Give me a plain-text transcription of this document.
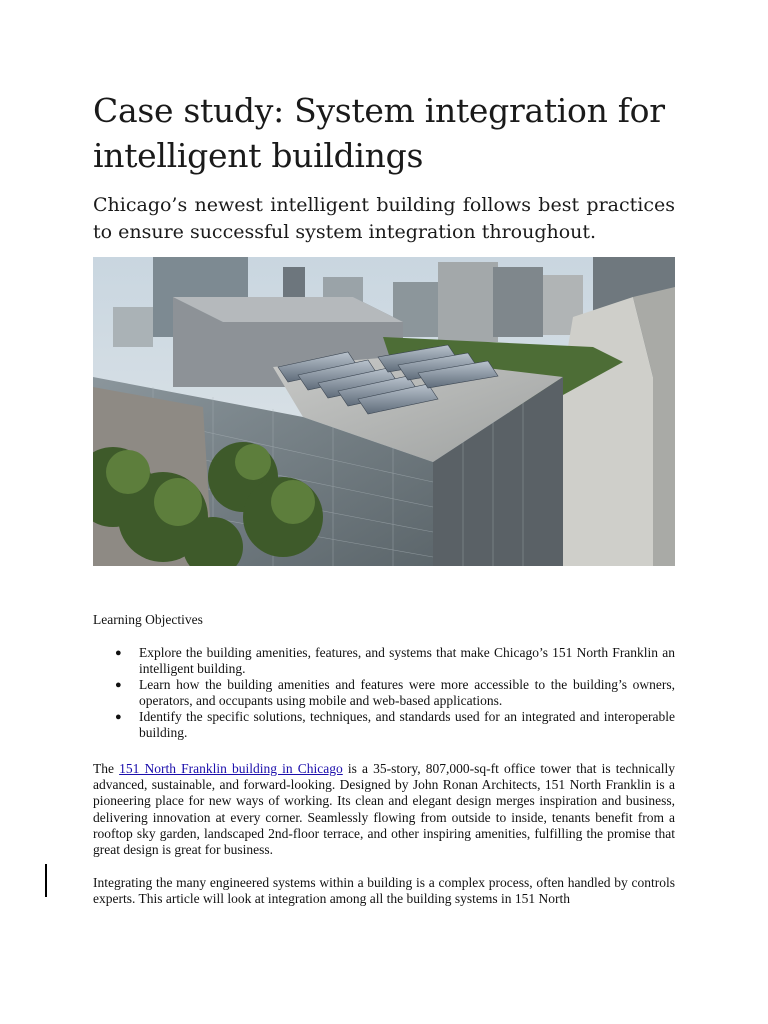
Case study: System integration for intelligent buildings

Chicago’s newest intelligent building follows best practices to ensure successful system integration throughout.

Learning Objectives

● Explore the building amenities, features, and systems that make Chicago’s 151 North Franklin an intelligent building.
● Learn how the building amenities and features were more accessible to the building’s owners, operators, and occupants using mobile and web-based applications.
● Identify the specific solutions, techniques, and standards used for an integrated and interoperable building.

The 151 North Franklin building in Chicago is a 35-story, 807,000-sq-ft office tower that is technically advanced, sustainable, and forward-looking. Designed by John Ronan Architects, 151 North Franklin is a pioneering place for new ways of working. Its clean and elegant design merges inspiration and business, delivering innovation at every corner. Seamlessly flowing from outside to inside, tenants benefit from a rooftop sky garden, landscaped 2nd-floor terrace, and other inspiring amenities, fulfilling the promise that great design is great for business.

Integrating the many engineered systems within a building is a complex process, often handled by controls experts. This article will look at integration among all the building systems in 151 North
